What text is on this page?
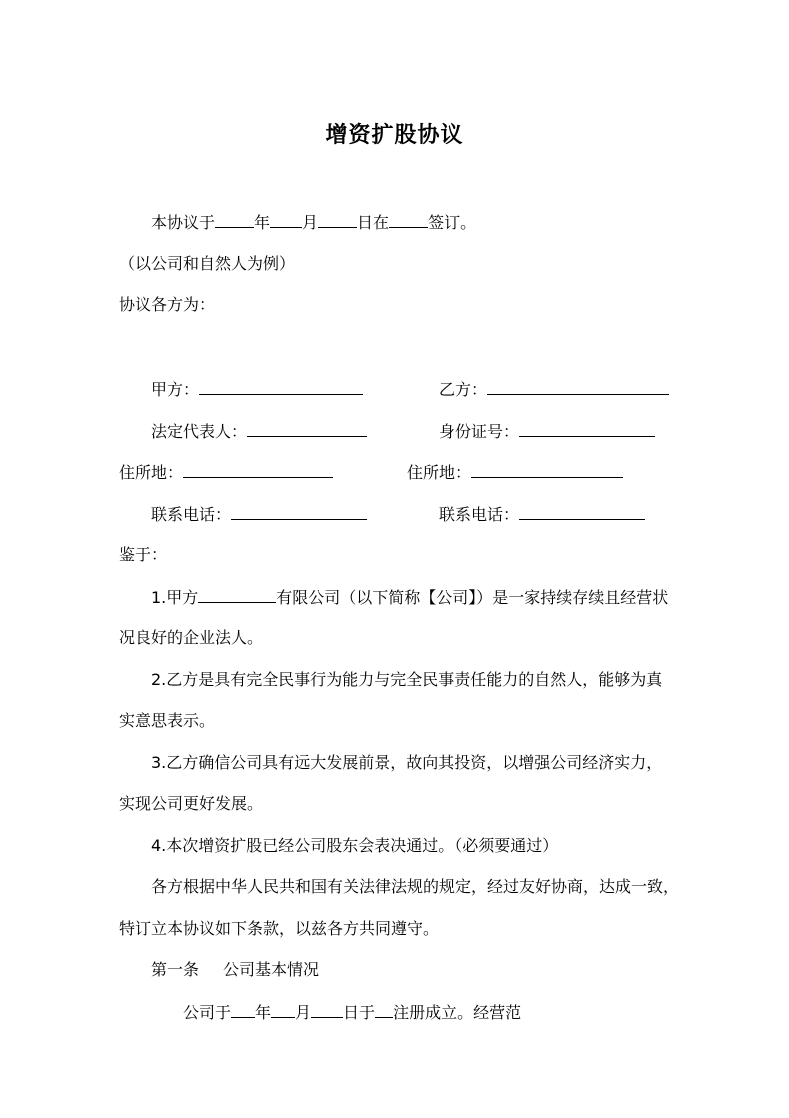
增资扩股协议
本协议于 年 月 日在 签订。
（以公司和自然人为例）
协议各方为：
甲方：	乙方：
法定代表人：	身份证号：
住所地：	住所地：
联系电话：	联系电话：
鉴于：
1.甲方	有限公司（以下简称【公司】）是一家持续存续且经营状
况良好的企业法人。
2.乙方是具有完全民事行为能力与完全民事责任能力的自然人，能够为真
实意思表示。
3.乙方确信公司具有远大发展前景，故向其投资，以增强公司经济实力，
实现公司更好发展。
4.本次增资扩股已经公司股东会表决通过。（必须要通过）
各方根据中华人民共和国有关法律法规的规定，经过友好协商，达成一致，
特订立本协议如下条款，以兹各方共同遵守。
第一条 公司基本情况
公司于 年 月 日于 注册成立。经营范
